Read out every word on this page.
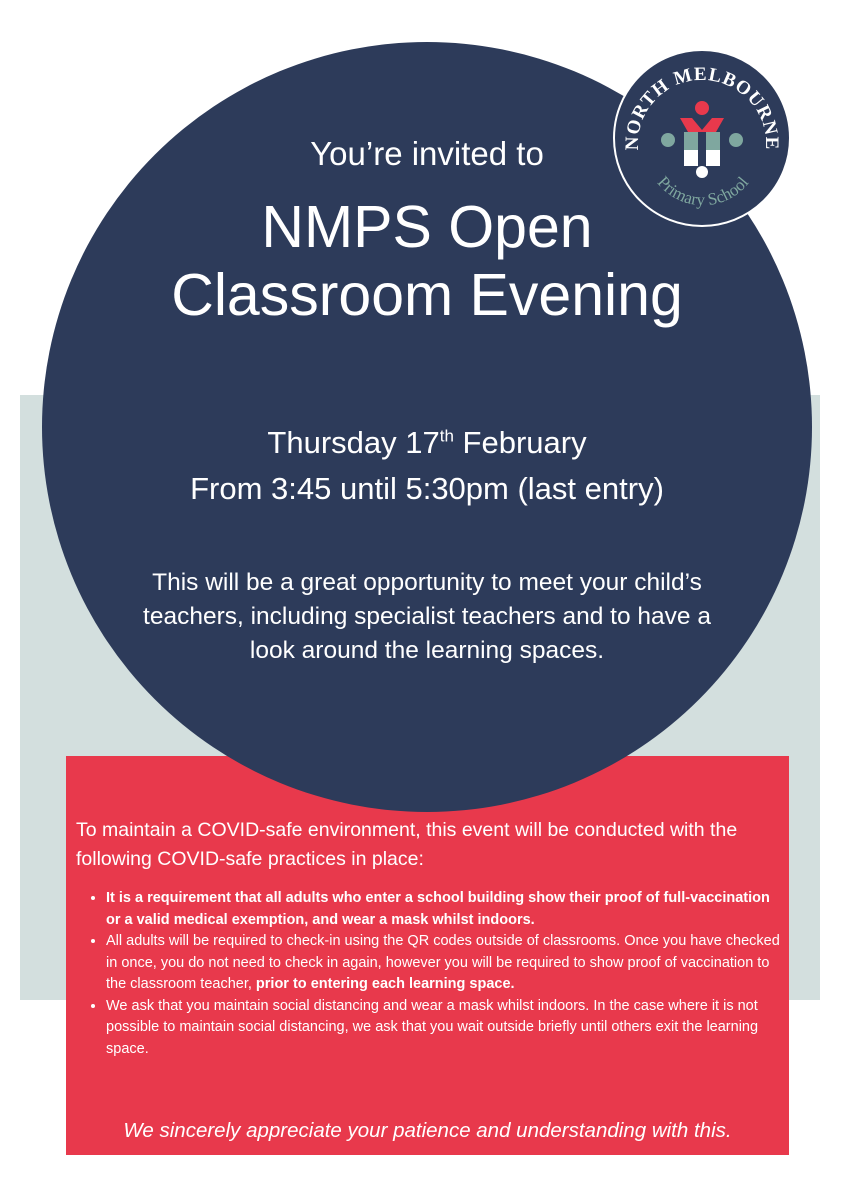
You’re invited to
NMPS Open
Classroom Evening
Thursday 17th February
From 3:45 until 5:30pm (last entry)
This will be a great opportunity to meet your child’s teachers, including specialist teachers and to have a look around the learning spaces.
NORTH MELBOURNE
Primary School

To maintain a COVID-safe environment, this event will be conducted with the following COVID-safe practices in place:

• It is a requirement that all adults who enter a school building show their proof of full-vaccination or a valid medical exemption, and wear a mask whilst indoors.
• All adults will be required to check-in using the QR codes outside of classrooms. Once you have checked in once, you do not need to check in again, however you will be required to show proof of vaccination to the classroom teacher, prior to entering each learning space.
• We ask that you maintain social distancing and wear a mask whilst indoors. In the case where it is not possible to maintain social distancing, we ask that you wait outside briefly until others exit the learning space.
We sincerely appreciate your patience and understanding with this.
